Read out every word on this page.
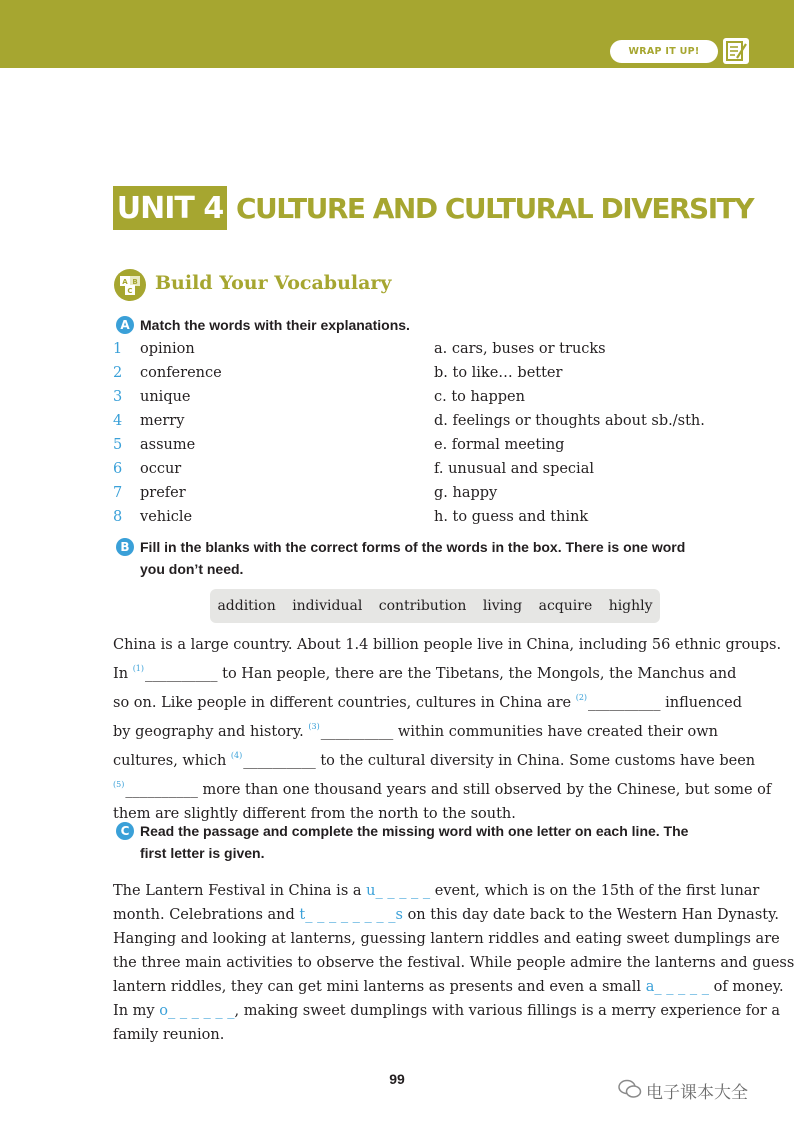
WRAP IT UP!
UNIT 4 CULTURE AND CULTURAL DIVERSITY
A B
C Build Your Vocabulary
A Match the words with their explanations.
1 opinion	a. cars, buses or trucks
2 conference	b. to like… better
3 unique	c. to happen
4 merry	d. feelings or thoughts about sb./sth.
5 assume	e. formal meeting
6 occur	f. unusual and special
7 prefer	g. happy
8 vehicle	h. to guess and think
B Fill in the blanks with the correct forms of the words in the box. There is one word
you don’t need.
addition individual contribution living acquire highly
China is a large country. About 1.4 billion people live in China, including 56 ethnic groups.
In $^{(1)}$__________ to Han people, there are the Tibetans, the Mongols, the Manchus and
so on. Like people in different countries, cultures in China are $^{(2)}$__________ influenced
by geography and history. $^{(3)}$__________ within communities have created their own
cultures, which $^{(4)}$__________ to the cultural diversity in China. Some customs have been
$^{(5)}$__________ more than one thousand years and still observed by the Chinese, but some of
them are slightly different from the north to the south.
C Read the passage and complete the missing word with one letter on each line. The
first letter is given.
The Lantern Festival in China is a u_ _ _ _ _ event, which is on the 15th of the first lunar
month. Celebrations and t_ _ _ _ _ _ _ _s on this day date back to the Western Han Dynasty.
Hanging and looking at lanterns, guessing lantern riddles and eating sweet dumplings are
the three main activities to observe the festival. While people admire the lanterns and guess
lantern riddles, they can get mini lanterns as presents and even a small a_ _ _ _ _ of money.
In my o_ _ _ _ _ _, making sweet dumplings with various fillings is a merry experience for a
family reunion.
99
电子课本大全
